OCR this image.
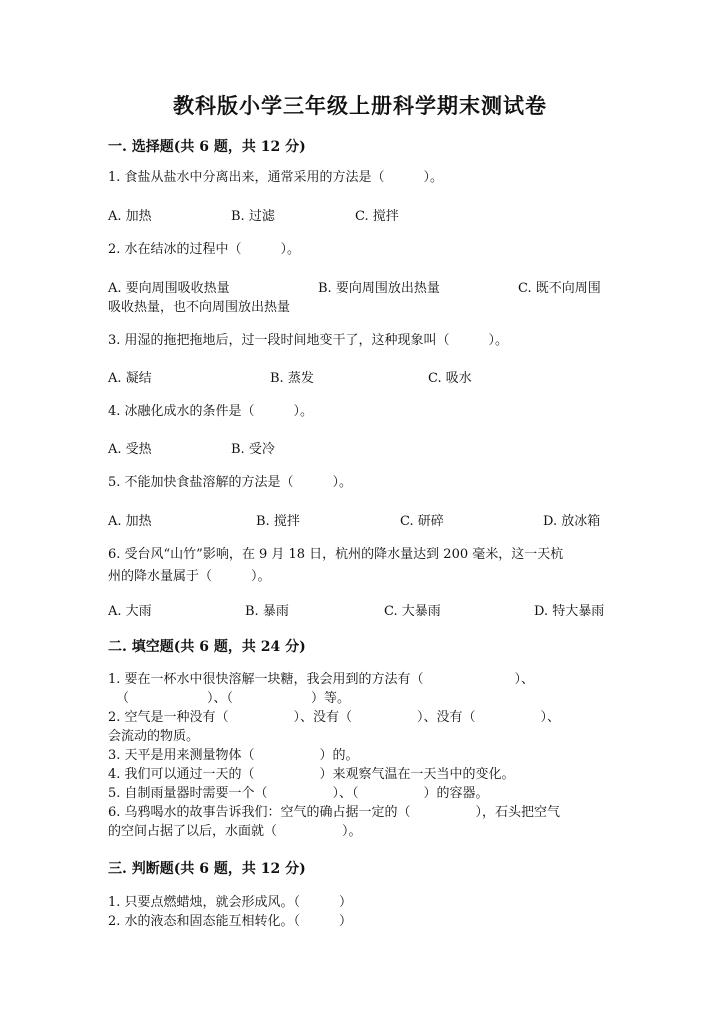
教科版小学三年级上册科学期末测试卷
一. 选择题(共 6 题，共 12 分)
1. 食盐从盐水中分离出来，通常采用的方法是（　　　）。
A. 加热	B. 过滤	C. 搅拌
2. 水在结冰的过程中（　　　）。
A. 要向周围吸收热量	B. 要向周围放出热量	C. 既不向周围
吸收热量，也不向周围放出热量
3. 用湿的拖把拖地后，过一段时间地变干了，这种现象叫（　　　）。
A. 凝结	B. 蒸发	C. 吸水
4. 冰融化成水的条件是（　　　）。
A. 受热	B. 受冷
5. 不能加快食盐溶解的方法是（　　　）。
A. 加热	B. 搅拌	C. 研碎	D. 放冰箱
6. 受台风“山竹”影响，在 9 月 18 日，杭州的降水量达到 200 毫米，这一天杭
州的降水量属于（　　　）。
A. 大雨	B. 暴雨	C. 大暴雨	D. 特大暴雨
二. 填空题(共 6 题，共 24 分)
1. 要在一杯水中很快溶解一块糖，我会用到的方法有（　　　　　　　）、
（　　　　　　）、（　　　　　　）等。
2. 空气是一种没有（　　　　　）、没有（　　　　　）、没有（　　　　　）、
会流动的物质。
3. 天平是用来测量物体（　　　　　）的。
4. 我们可以通过一天的（　　　　　）来观察气温在一天当中的变化。
5. 自制雨量器时需要一个（　　　　　）、（　　　　　）的容器。
6. 乌鸦喝水的故事告诉我们：空气的确占据一定的（　　　　　），石头把空气
的空间占据了以后，水面就（　　　　　）。
三. 判断题(共 6 题，共 12 分)
1. 只要点燃蜡烛，就会形成风。（　　　）
2. 水的液态和固态能互相转化。（　　　）
